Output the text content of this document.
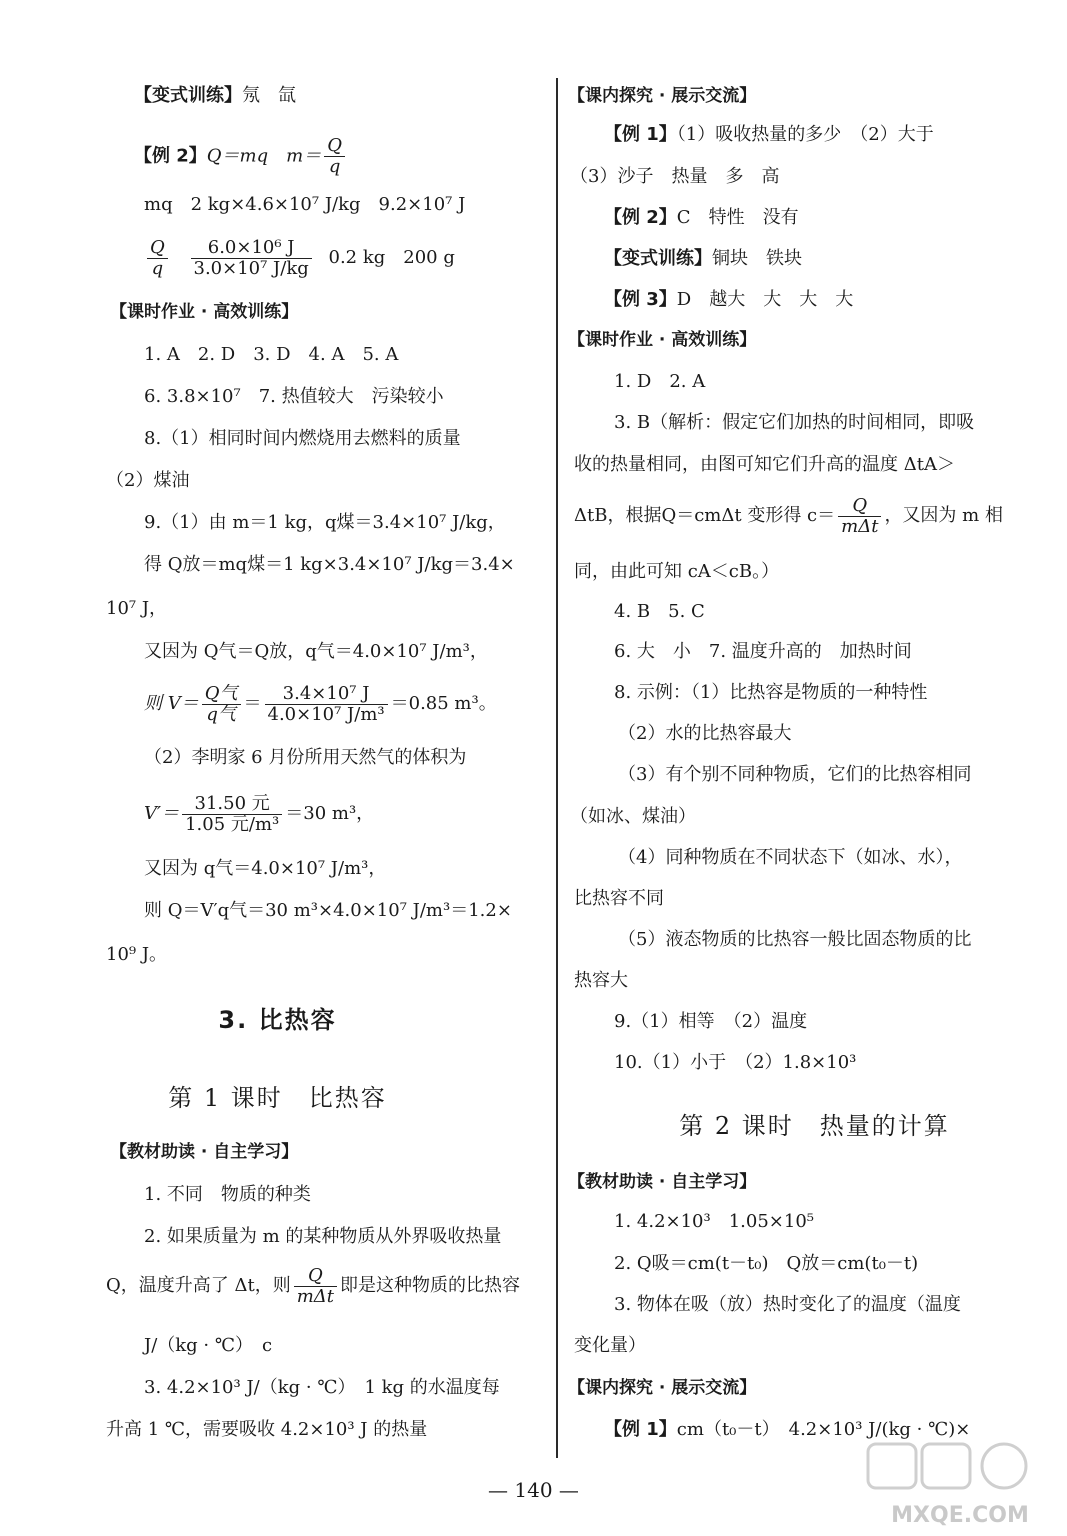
【变式训练】氖　氙
【例 2】Q＝mq　$m= \frac{Q}{q}$
mq　2 kg×4.6×10⁷ J/kg　9.2×10⁷ J
$\frac{Q}{q}$
$\frac{\text{6.0×10⁶ J}}{\text{3.0×10⁷ J/kg}} 0.2$ kg　200 g
【课时作业 · 高效训练】
1. A　2. D　3. D　4. A　5. A
6. 3.8×10⁷　7. 热值较大　污染较小
8.（1）相同时间内燃烧用去燃料的质量
（2）煤油
9.（1）由 m＝1 kg，q煤＝3.4×10⁷ J/kg，
得 Q放＝mq煤＝1 kg×3.4×10⁷ J/kg＝3.4×
10⁷ J，
又因为 Q气＝Q放，q气＝4.0×10⁷ J/m³，
则 $V= \frac{\text{Q气}}{\text{q气}} = \frac{\text{3.4×10⁷ J}}{\text{4.0×10⁷ J/m³}} =0.85$ m³。
（2）李明家 6 月份所用天然气的体积为
$V'= \frac{\text{31.50 元}}{\text{1.05 元/m³}} =30$ m³，
又因为 q气＝4.0×10⁷ J/m³，
则 Q＝V′q气＝30 m³×4.0×10⁷ J/m³＝1.2×
10⁹ J。
3. 比热容
第 1 课时　比热容
【教材助读 · 自主学习】
1. 不同　物质的种类
2. 如果质量为 m 的某种物质从外界吸收热量
Q，温度升高了 Δt，则 $\frac{Q}{\text{mΔt}}$ 即是这种物质的比热容
J/（kg · ℃）　c
3. 4.2×10³ J/（kg · ℃）　1 kg 的水温度每
升高 1 ℃，需要吸收 4.2×10³ J 的热量
【课内探究 · 展示交流】
【例 1】（1）吸收热量的多少　（2）大于
（3）沙子　热量　多　高
【例 2】C　特性　没有
【变式训练】铜块　铁块
【例 3】D　越大　大　大　大
【课时作业 · 高效训练】
1. D　2. A
3. B（解析：假定它们加热的时间相同，即吸
收的热量相同，由图可知它们升高的温度 ΔtA＞
ΔtB，根据Q＝cmΔt 变形得 $c= \frac{Q}{\text{mΔt}}$ ，又因为 m 相
同，由此可知 cA＜cB。）
4. B　5. C
6. 大　小　7. 温度升高的　加热时间
8. 示例：（1）比热容是物质的一种特性
（2）水的比热容最大
（3）有个别不同种物质，它们的比热容相同
（如冰、煤油）
（4）同种物质在不同状态下（如冰、水），
比热容不同
（5）液态物质的比热容一般比固态物质的比
热容大
9.（1）相等　（2）温度
10.（1）小于　（2）1.8×10³
第 2 课时　热量的计算
【教材助读 · 自主学习】
1. 4.2×10³　1.05×10⁵
2. Q吸＝cm(t－t₀)　Q放＝cm(t₀－t)
3. 物体在吸（放）热时变化了的温度（温度
变化量）
【课内探究 · 展示交流】
【例 1】cm（t₀－t）　4.2×10³ J/(kg · ℃)×
— 140 —
MXQE.COM
